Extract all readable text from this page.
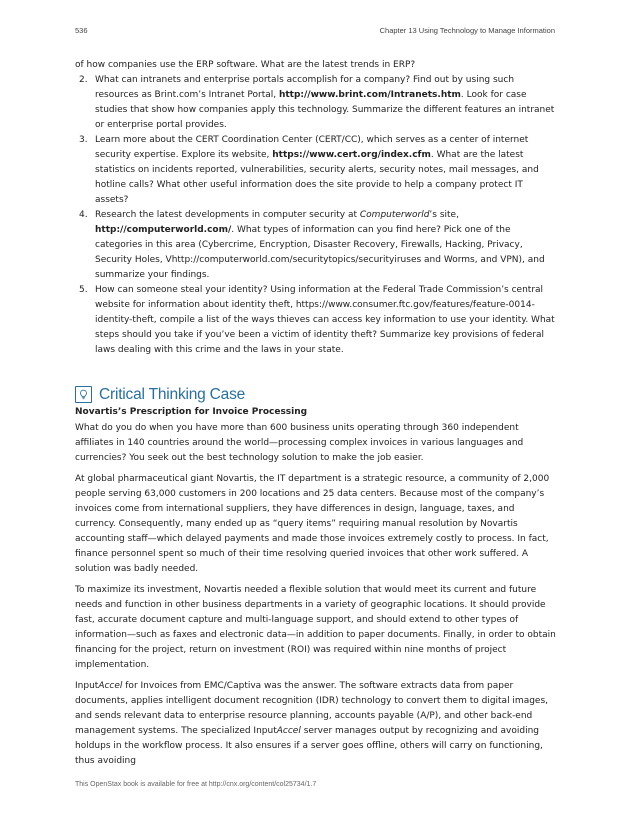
536	Chapter 13 Using Technology to Manage Information

of how companies use the ERP software. What are the latest trends in ERP?

2. What can intranets and enterprise portals accomplish for a company? Find out by using such resources as Brint.com’s Intranet Portal, http://www.brint.com/Intranets.htm. Look for case studies that show how companies apply this technology. Summarize the different features an intranet or enterprise portal provides.
3. Learn more about the CERT Coordination Center (CERT/CC), which serves as a center of internet security expertise. Explore its website, https://www.cert.org/index.cfm. What are the latest statistics on incidents reported, vulnerabilities, security alerts, security notes, mail messages, and hotline calls? What other useful information does the site provide to help a company protect IT assets?
4. Research the latest developments in computer security at Computerworld’s site, http://computerworld.com/. What types of information can you find here? Pick one of the categories in this area (Cybercrime, Encryption, Disaster Recovery, Firewalls, Hacking, Privacy, Security Holes, Vhttp://computerworld.com/securitytopics/securityiruses and Worms, and VPN), and summarize your findings.
5. How can someone steal your identity? Using information at the Federal Trade Commission’s central website for information about identity theft, https://www.consumer.ftc.gov/features/feature-0014-identity-theft, compile a list of the ways thieves can access key information to use your identity. What steps should you take if you’ve been a victim of identity theft? Summarize key provisions of federal laws dealing with this crime and the laws in your state.
Critical Thinking Case

Novartis’s Prescription for Invoice Processing

What do you do when you have more than 600 business units operating through 360 independent affiliates in 140 countries around the world—processing complex invoices in various languages and currencies? You seek out the best technology solution to make the job easier.

At global pharmaceutical giant Novartis, the IT department is a strategic resource, a community of 2,000 people serving 63,000 customers in 200 locations and 25 data centers. Because most of the company’s invoices come from international suppliers, they have differences in design, language, taxes, and currency. Consequently, many ended up as “query items” requiring manual resolution by Novartis accounting staff—which delayed payments and made those invoices extremely costly to process. In fact, finance personnel spent so much of their time resolving queried invoices that other work suffered. A solution was badly needed.

To maximize its investment, Novartis needed a flexible solution that would meet its current and future needs and function in other business departments in a variety of geographic locations. It should provide fast, accurate document capture and multi-language support, and should extend to other types of information—such as faxes and electronic data—in addition to paper documents. Finally, in order to obtain financing for the project, return on investment (ROI) was required within nine months of project implementation.

InputAccel for Invoices from EMC/Captiva was the answer. The software extracts data from paper documents, applies intelligent document recognition (IDR) technology to convert them to digital images, and sends relevant data to enterprise resource planning, accounts payable (A/P), and other back-end management systems. The specialized InputAccel server manages output by recognizing and avoiding holdups in the workflow process. It also ensures if a server goes offline, others will carry on functioning, thus avoiding

This OpenStax book is available for free at http://cnx.org/content/col25734/1.7
